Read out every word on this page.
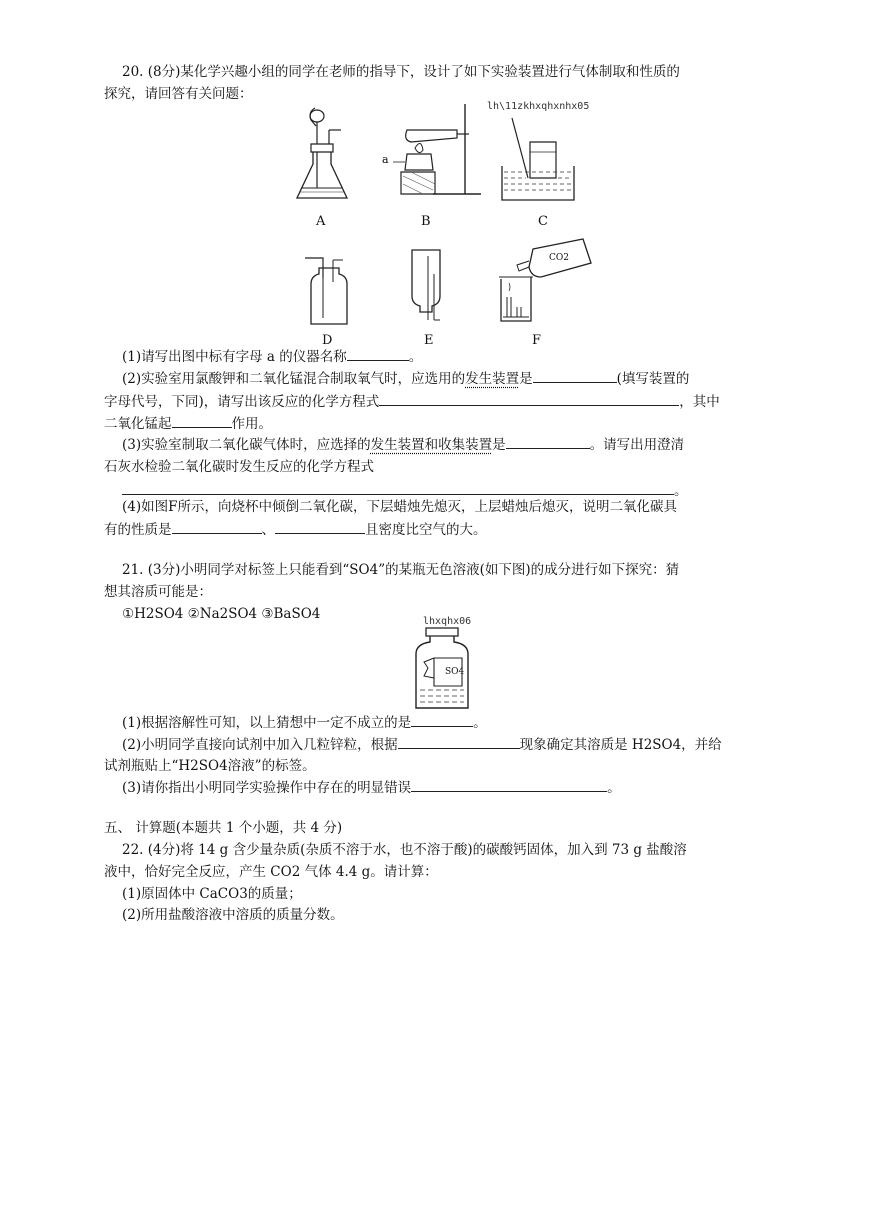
20. (8分)某化学兴趣小组的同学在老师的指导下，设计了如下实验装置进行气体制取和性质的
探究，请回答有关问题：
lh\11zkhxqhxnhx05
A
a
B	C
D	E
CO2
F
(1)请写出图中标有字母 a 的仪器名称	。
(2)实验室用氯酸钾和二氧化锰混合制取氧气时，应选用的发生装置是	(填写装置的
字母代号，下同)，请写出该反应的化学方程式	，其中
二氧化锰起	作用。
(3)实验室制取二氧化碳气体时，应选择的发生装置和收集装置是	。请写出用澄清
石灰水检验二氧化碳时发生反应的化学方程式
。
(4)如图F所示，向烧杯中倾倒二氧化碳，下层蜡烛先熄灭，上层蜡烛后熄灭，说明二氧化碳具
有的性质是	、	且密度比空气的大。
21. (3分)小明同学对标签上只能看到“SO4”的某瓶无色溶液(如下图)的成分进行如下探究：猜
想其溶质可能是：
①H2SO4 ②Na2SO4 ③BaSO4	lhxqhx06
SO4
(1)根据溶解性可知，以上猜想中一定不成立的是	。
(2)小明同学直接向试剂中加入几粒锌粒，根据	现象确定其溶质是 H2SO4，并给
试剂瓶贴上“H2SO4溶液”的标签。
(3)请你指出小明同学实验操作中存在的明显错误	。
五、 计算题(本题共 1 个小题，共 4 分)
22. (4分)将 14 g 含少量杂质(杂质不溶于水，也不溶于酸)的碳酸钙固体，加入到 73 g 盐酸溶
液中，恰好完全反应，产生 CO2 气体 4.4 g。请计算：
(1)原固体中 CaCO3的质量；
(2)所用盐酸溶液中溶质的质量分数。
